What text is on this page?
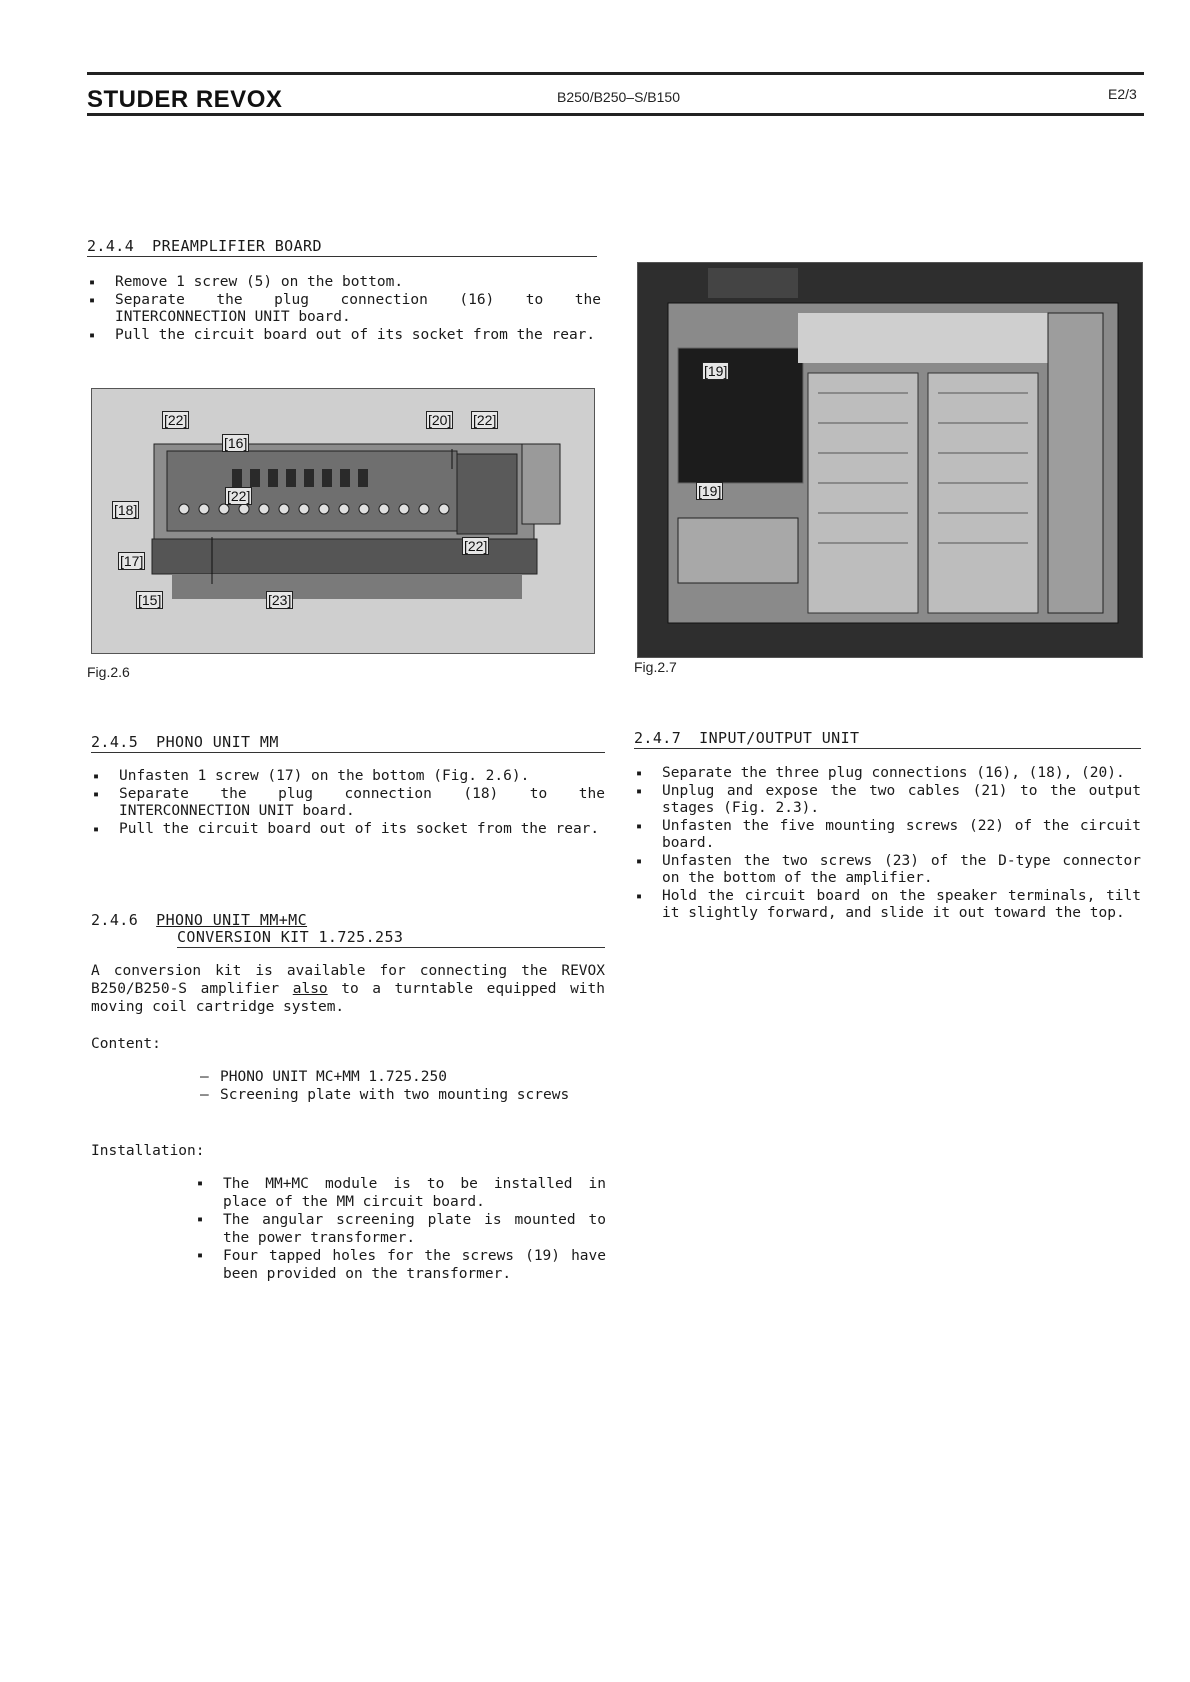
STUDER REVOX	B250/B250–S/B150	E2/3
2.4.4 PREAMPLIFIER BOARD
▪ Remove 1 screw (5) on the bottom.
▪ Separate the plug connection (16) to the INTERCONNECTION UNIT board.
▪ Pull the circuit board out of its socket from the rear.
[22]
[16]
[20] [22]
[18]
[22]
[22]
[17]
[15]	[23]
Fig.2.6
[19]
[19]
Fig.2.7
2.4.5 PHONO UNIT MM
▪ Unfasten 1 screw (17) on the bottom (Fig. 2.6).
▪ Separate the plug connection (18) to the INTERCONNECTION UNIT board.
▪ Pull the circuit board out of its socket from the rear.
2.4.6 PHONO UNIT MM+MC
CONVERSION KIT 1.725.253

A conversion kit is available for connecting the REVOX B250/B250-S amplifier also to a turntable equipped with moving coil cartridge system.

Content:
– PHONO UNIT MC+MM 1.725.250
– Screening plate with two mounting screws
Installation:
▪ The MM+MC module is to be installed in place of the MM circuit board.
▪ The angular screening plate is mounted to the power transformer.
▪ Four tapped holes for the screws (19) have been provided on the transformer.
2.4.7 INPUT/OUTPUT UNIT
▪ Separate the three plug connections (16), (18), (20).
▪ Unplug and expose the two cables (21) to the output stages (Fig. 2.3).
▪ Unfasten the five mounting screws (22) of the circuit board.
▪ Unfasten the two screws (23) of the D-type connector on the bottom of the amplifier.
▪ Hold the circuit board on the speaker terminals, tilt it slightly forward, and slide it out toward the top.
